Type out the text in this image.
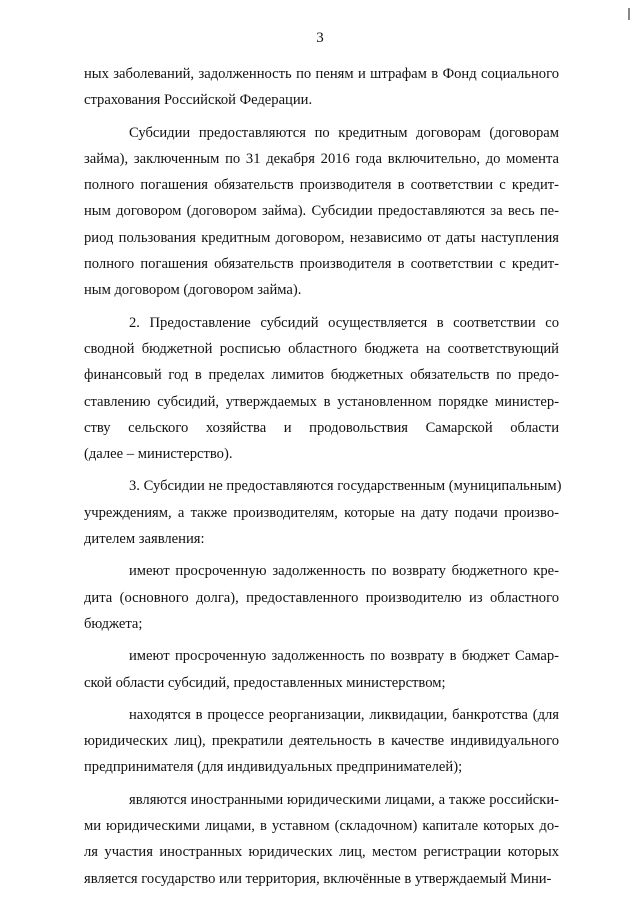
3
ных заболеваний, задолженность по пеням и штрафам в Фонд социального
страхования Российской Федерации.
Субсидии предоставляются по кредитным договорам (договорам
займа), заключенным по 31 декабря 2016 года включительно, до момента
полного погашения обязательств производителя в соответствии с кредит-
ным договором (договором займа). Субсидии предоставляются за весь пе-
риод пользования кредитным договором, независимо от даты наступления
полного погашения обязательств производителя в соответствии с кредит-
ным договором (договором займа).
2. Предоставление субсидий осуществляется в соответствии со
сводной бюджетной росписью областного бюджета на соответствующий
финансовый год в пределах лимитов бюджетных обязательств по предо-
ставлению субсидий, утверждаемых в установленном порядке министер-
ству сельского хозяйства и продовольствия Самарской области
(далее – министерство).
3. Субсидии не предоставляются государственным (муниципальным)
учреждениям, а также производителям, которые на дату подачи произво-
дителем заявления:
имеют просроченную задолженность по возврату бюджетного кре-
дита (основного долга), предоставленного производителю из областного
бюджета;
имеют просроченную задолженность по возврату в бюджет Самар-
ской области субсидий, предоставленных министерством;
находятся в процессе реорганизации, ликвидации, банкротства (для
юридических лиц), прекратили деятельность в качестве индивидуального
предпринимателя (для индивидуальных предпринимателей);
являются иностранными юридическими лицами, а также российски-
ми юридическими лицами, в уставном (складочном) капитале которых до-
ля участия иностранных юридических лиц, местом регистрации которых
является государство или территория, включённые в утверждаемый Мини-
